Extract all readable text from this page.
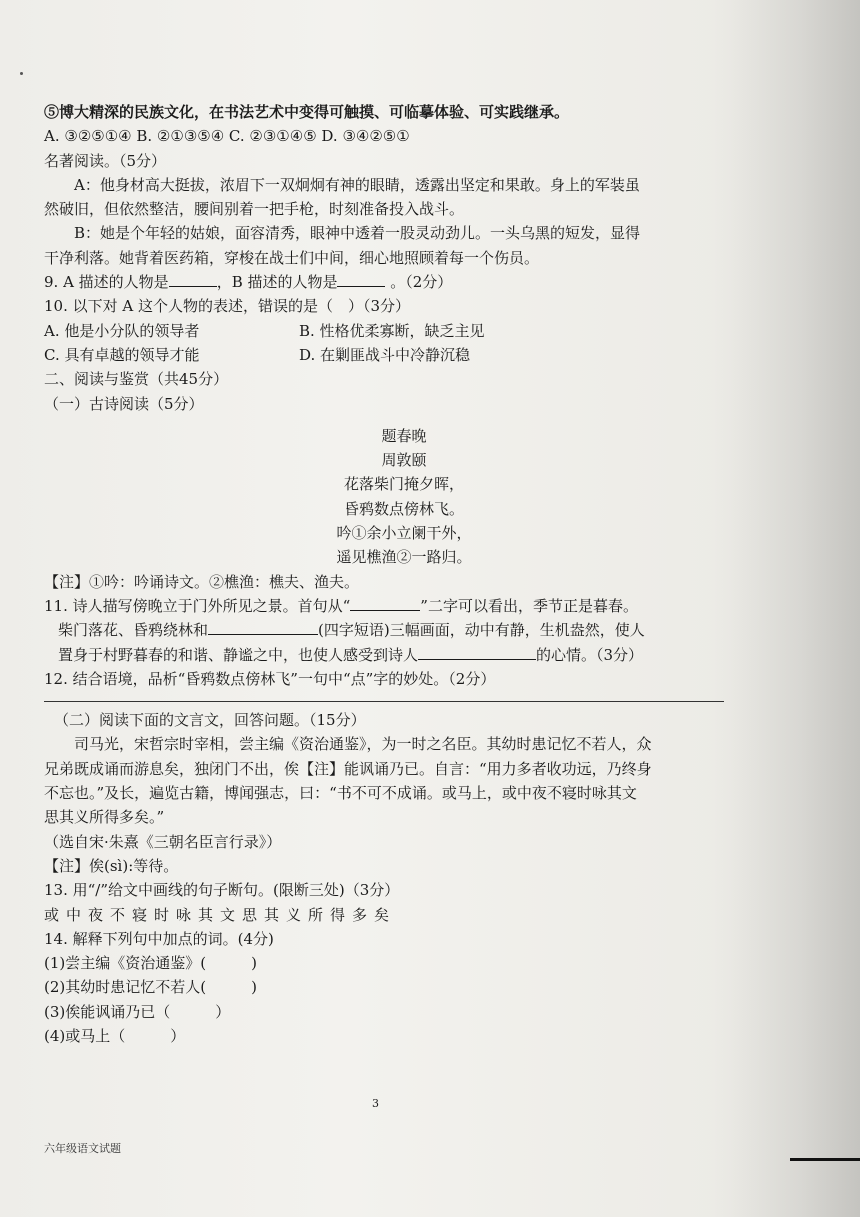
⑤博大精深的民族文化，在书法艺术中变得可触摸、可临摹体验、可实践继承。
A. ③②⑤①④ B. ②①③⑤④ C. ②③①④⑤ D. ③④②⑤①
名著阅读。（5分）
A：他身材高大挺拔，浓眉下一双炯炯有神的眼睛，透露出坚定和果敢。身上的军装虽
然破旧，但依然整洁，腰间别着一把手枪，时刻准备投入战斗。
B：她是个年轻的姑娘，面容清秀，眼神中透着一股灵动劲儿。一头乌黑的短发，显得
干净利落。她背着医药箱，穿梭在战士们中间，细心地照顾着每一个伤员。
9. A 描述的人物是	，B 描述的人物是	。（2分）
10. 以下对 A 这个人物的表述，错误的是（　）（3分）
A. 他是小分队的领导者	B. 性格优柔寡断，缺乏主见
C. 具有卓越的领导才能	D. 在剿匪战斗中冷静沉稳
二、阅读与鉴赏（共45分）
（一）古诗阅读（5分）
题春晚
周敦颐
花落柴门掩夕晖，
昏鸦数点傍林飞。
吟①余小立阑干外，
遥见樵渔②一路归。
【注】①吟：吟诵诗文。②樵渔：樵夫、渔夫。
11. 诗人描写傍晚立于门外所见之景。首句从“	”二字可以看出，季节正是暮春。
柴门落花、昏鸦绕林和	(四字短语)三幅画面，动中有静，生机盎然，使人
置身于村野暮春的和谐、静谧之中，也使人感受到诗人	的心情。（3分）
12. 结合语境，品析“昏鸦数点傍林飞”一句中“点”字的妙处。（2分）
（二）阅读下面的文言文，回答问题。（15分）
司马光，宋哲宗时宰相，尝主编《资治通鉴》，为一时之名臣。其幼时患记忆不若人，众
兄弟既成诵而游息矣，独闭门不出，俟【注】能讽诵乃已。自言：“用力多者收功远，乃终身
不忘也。”及长，遍览古籍，博闻强志，曰：“书不可不成诵。或马上，或中夜不寝时咏其文
思其义所得多矣。”
（选自宋·朱熹《三朝名臣言行录》）
【注】俟(sì):等待。
13. 用“/”给文中画线的句子断句。(限断三处)（3分）
或中夜不寝时咏其文思其义所得多矣
14. 解释下列句中加点的词。(4分)
(1)尝主编《资治通鉴》(　　　)
(2)其幼时患记忆不若人(　　　)
(3)俟能讽诵乃已（　　　）
(4)或马上（　　　）
3
六年级语文试题
